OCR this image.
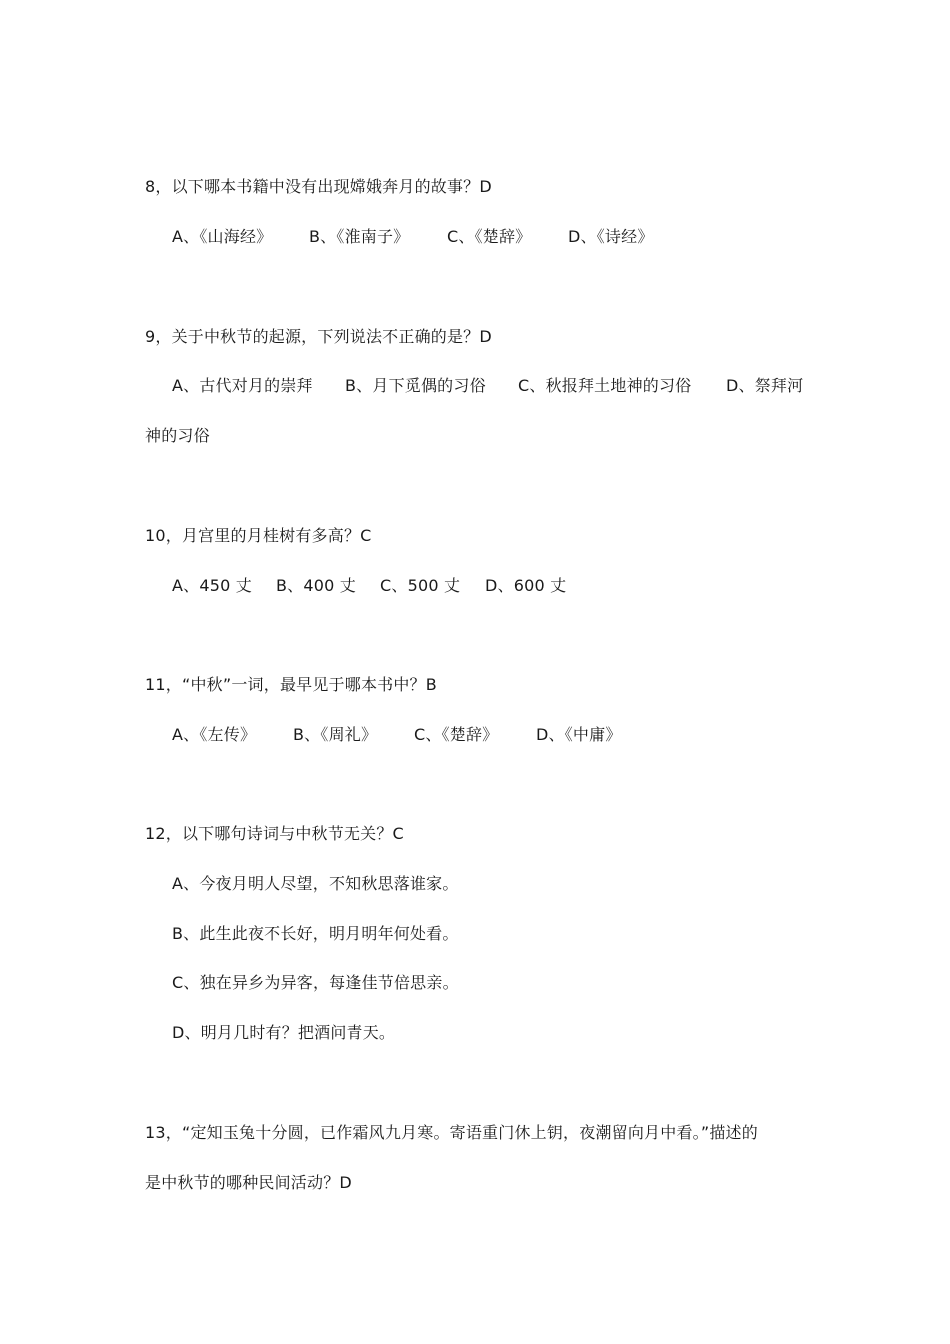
8，以下哪本书籍中没有出现嫦娥奔月的故事？D
A、《山海经》 B、《淮南子》 C、《楚辞》 D、《诗经》
9，关于中秋节的起源，下列说法不正确的是？D
A、古代对月的崇拜 B、月下觅偶的习俗 C、秋报拜土地神的习俗 D、祭拜河
神的习俗
10，月宫里的月桂树有多高？C
A、450 丈 B、400 丈 C、500 丈 D、600 丈
11，“中秋”一词，最早见于哪本书中？B
A、《左传》 B、《周礼》 C、《楚辞》 D、《中庸》
12，以下哪句诗词与中秋节无关？C
A、今夜月明人尽望，不知秋思落谁家。
B、此生此夜不长好，明月明年何处看。
C、独在异乡为异客，每逢佳节倍思亲。
D、明月几时有？把酒问青天。
13，“定知玉兔十分圆，已作霜风九月寒。寄语重门休上钥，夜潮留向月中看。”描述的
是中秋节的哪种民间活动？D
